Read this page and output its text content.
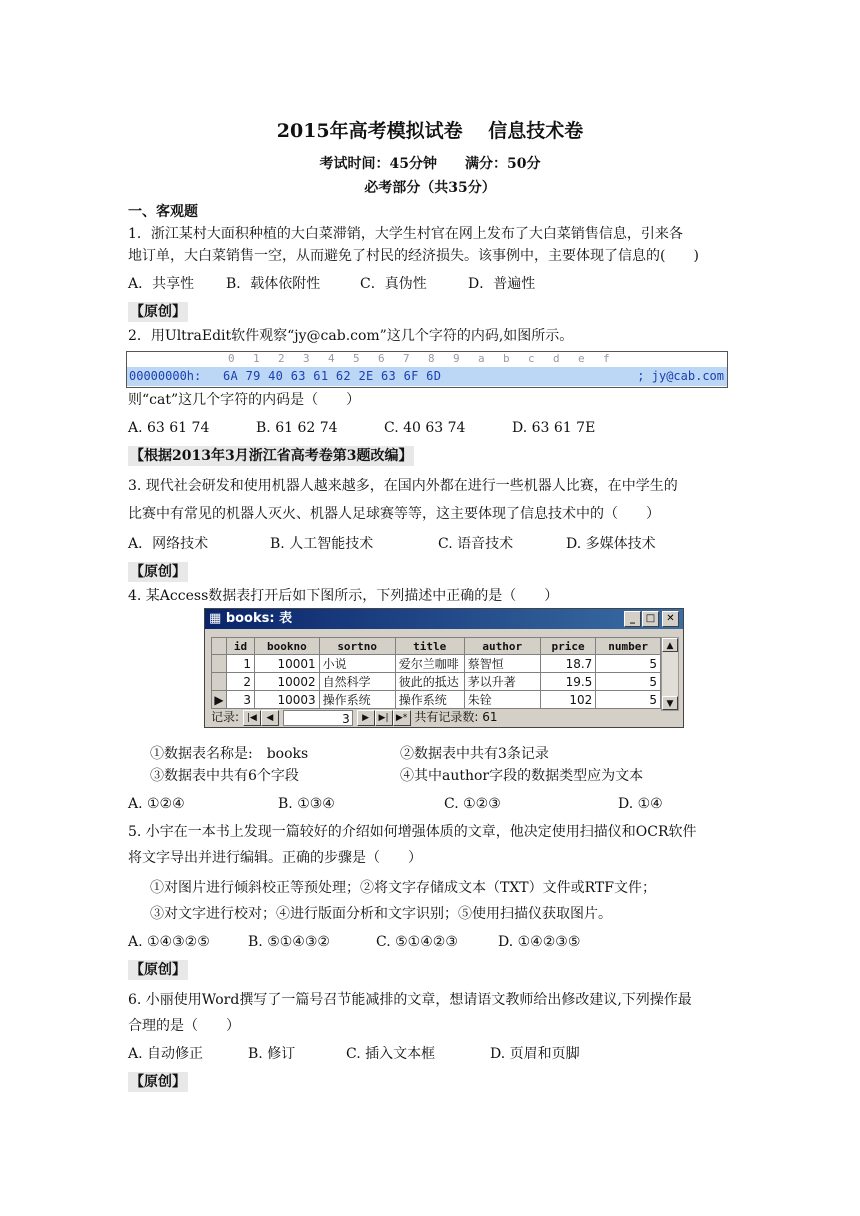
2015年高考模拟试卷　 信息技术卷
考试时间：45分钟　　满分：50分
必考部分（共35分）
一、客观题
1．浙江某村大面积种植的大白菜滞销，大学生村官在网上发布了大白菜销售信息，引来各
地订单，大白菜销售一空，从而避免了村民的经济损失。该事例中，主要体现了信息的(　　)
A．共享性 B．载体依附性	C．真伪性	D．普遍性
【原创】
2．用UltraEdit软件观察“jy@cab.com”这几个字符的内码,如图所示。
0 1 2 3 4 5 6 7 8 9 a b c d e f
00000000h: 6A 79 40 63 61 62 2E 63 6F 6D	; jy@cab.com
则“cat”这几个字符的内码是（　　）
A. 63 61 74	B. 61 62 74	C. 40 63 74	D. 63 61 7E
【根据2013年3月浙江省高考卷第3题改编】
3. 现代社会研发和使用机器人越来越多，在国内外都在进行一些机器人比赛，在中学生的
比赛中有常见的机器人灭火、机器人足球赛等等，这主要体现了信息技术中的（　　）
A．网络技术	B. 人工智能技术	C. 语音技术	D. 多媒体技术
【原创】
4. 某Access数据表打开后如下图所示，下列描述中正确的是（　　）
▦ books: 表	_	□	✕
	id	bookno	sortno	title	author	price	number
	1	10001	小说	爱尔兰咖啡	蔡智恒	18.7	5
	2	10002	自然科学	彼此的抵达	茅以升著	19.5	5
▶	3	10003	操作系统	操作系统	朱铨	102	5
▲
▼
记录: |◀ ◀	3 ▶ ▶| ▶* 共有记录数: 61
①数据表名称是:　books	②数据表中共有3条记录
③数据表中共有6个字段	④其中author字段的数据类型应为文本
A. ①②④	B. ①③④	C. ①②③	D. ①④
5. 小宇在一本书上发现一篇较好的介绍如何增强体质的文章，他决定使用扫描仪和OCR软件
将文字导出并进行编辑。正确的步骤是（　　）
①对图片进行倾斜校正等预处理；②将文字存储成文本（TXT）文件或RTF文件；
③对文字进行校对；④进行版面分析和文字识别；⑤使用扫描仪获取图片。
A. ①④③②⑤	B. ⑤①④③②	C. ⑤①④②③	D. ①④②③⑤
【原创】
6. 小丽使用Word撰写了一篇号召节能减排的文章，想请语文教师给出修改建议,下列操作最
合理的是（　　）
A. 自动修正	B. 修订	C. 插入文本框	D. 页眉和页脚
【原创】
